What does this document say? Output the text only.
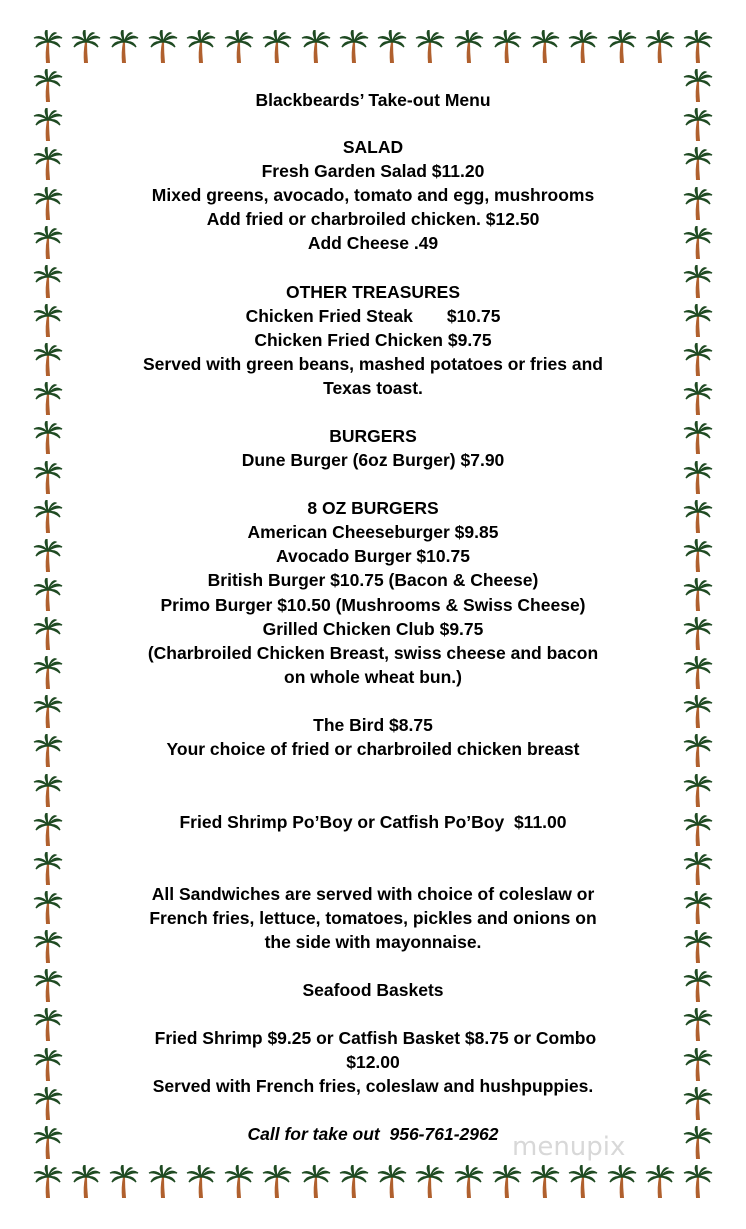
Blackbeards’ Take-out Menu
SALAD
Fresh Garden Salad $11.20
Mixed greens, avocado, tomato and egg, mushrooms
Add fried or charbroiled chicken. $12.50
Add Cheese .49
OTHER TREASURES
Chicken Fried Steak       $10.75
Chicken Fried Chicken $9.75
Served with green beans, mashed potatoes or fries and
Texas toast.
BURGERS
Dune Burger (6oz Burger) $7.90
8 OZ BURGERS
American Cheeseburger $9.85
Avocado Burger $10.75
British Burger $10.75 (Bacon & Cheese)
Primo Burger $10.50 (Mushrooms & Swiss Cheese)
Grilled Chicken Club $9.75
(Charbroiled Chicken Breast, swiss cheese and bacon
on whole wheat bun.)
The Bird $8.75
Your choice of fried or charbroiled chicken breast
Fried Shrimp Po’Boy or Catfish Po’Boy  $11.00
All Sandwiches are served with choice of coleslaw or
French fries, lettuce, tomatoes, pickles and onions on
the side with mayonnaise.
Seafood Baskets
Fried Shrimp $9.25 or Catfish Basket $8.75 or Combo
$12.00
Served with French fries, coleslaw and hushpuppies.
Call for take out  956-761-2962 menupix
